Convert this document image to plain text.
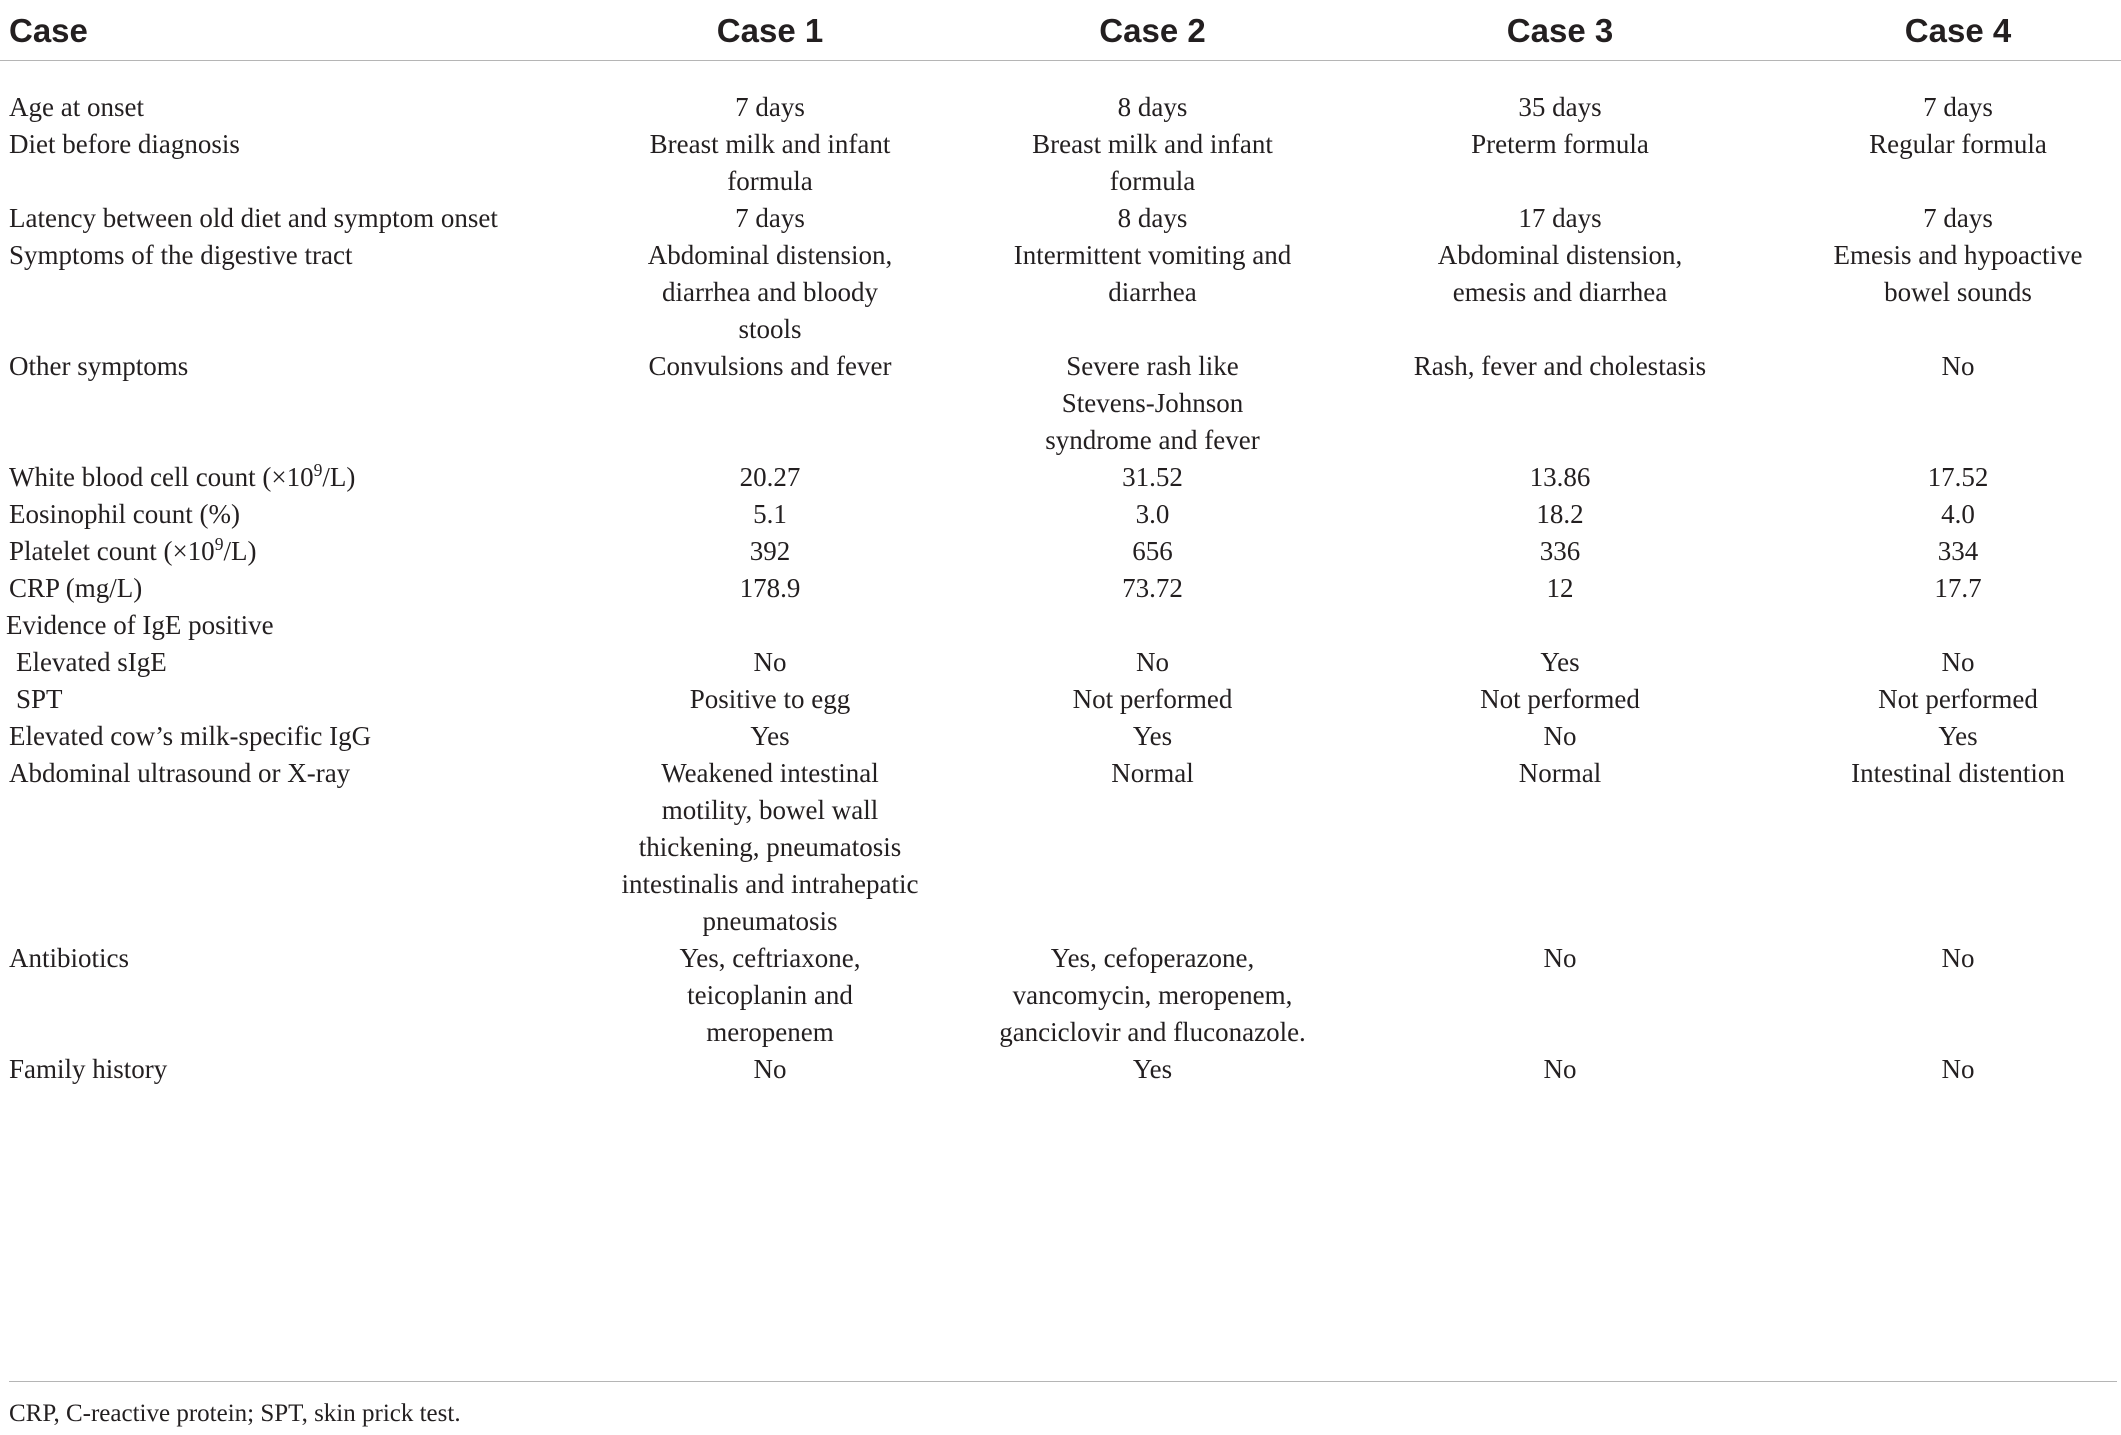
Case	Case 1	Case 2	Case 3	Case 4

Age at onset	7 days	8 days	35 days	7 days
Diet before diagnosis	Breast milk and infant formula	Breast milk and infant formula	Preterm formula	Regular formula
Latency between old diet and symptom onset	7 days	8 days	17 days	7 days
Symptoms of the digestive tract	Abdominal distension, diarrhea and bloody stools	Intermittent vomiting and diarrhea	Abdominal distension, emesis and diarrhea	Emesis and hypoactive bowel sounds
Other symptoms	Convulsions and fever	Severe rash like Stevens-Johnson syndrome and fever	Rash, fever and cholestasis	No
White blood cell count $(\times 10^9/L)$	20.27	31.52	13.86	17.52
Eosinophil count (%)	5.1	3.0	18.2	4.0
Platelet count $(\times 10^9/L)$	392	656	336	334
CRP (mg/L)	178.9	73.72	12	17.7
Evidence of IgE positive				
Elevated sIgE	No	No	Yes	No
SPT	Positive to egg	Not performed	Not performed	Not performed
Elevated cow’s milk-specific IgG	Yes	Yes	No	Yes
Abdominal ultrasound or X-ray	Weakened intestinal motility, bowel wall thickening, pneumatosis intestinalis and intrahepatic pneumatosis	Normal	Normal	Intestinal distention
Antibiotics	Yes, ceftriaxone, teicoplanin and meropenem	Yes, cefoperazone, vancomycin, meropenem, ganciclovir and fluconazole.	No	No
Family history	No	Yes	No	No
CRP, C-reactive protein; SPT, skin prick test.
